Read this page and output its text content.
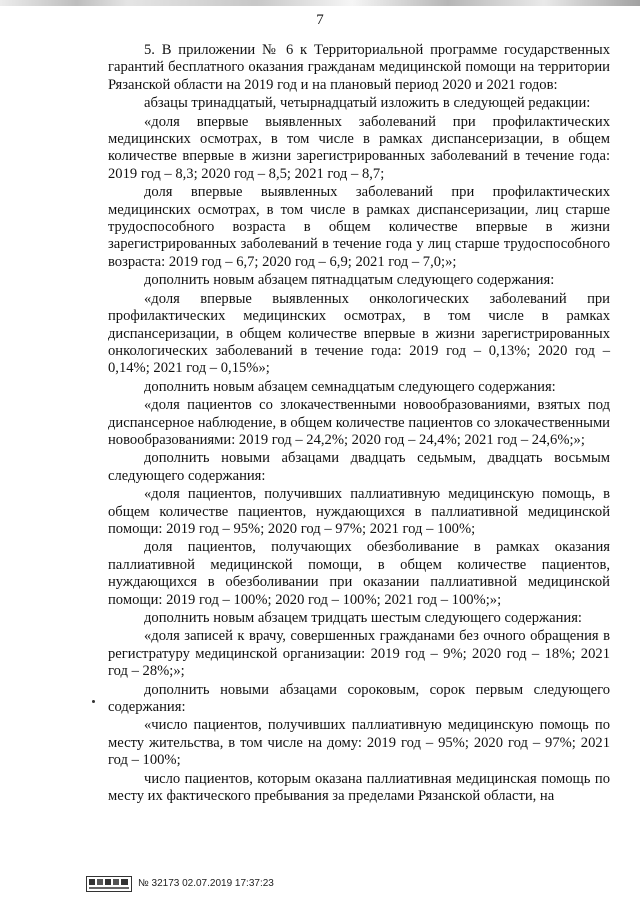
7

5. В приложении № 6 к Территориальной программе государственных гарантий бесплатного оказания гражданам медицинской помощи на территории Рязанской области на 2019 год и на плановый период 2020 и 2021 годов:

абзацы тринадцатый, четырнадцатый изложить в следующей редакции:

«доля впервые выявленных заболеваний при профилактических медицинских осмотрах, в том числе в рамках диспансеризации, в общем количестве впервые в жизни зарегистрированных заболеваний в течение года: 2019 год – 8,3; 2020 год – 8,5; 2021 год – 8,7;

доля впервые выявленных заболеваний при профилактических медицинских осмотрах, в том числе в рамках диспансеризации, лиц старше трудоспособного возраста в общем количестве впервые в жизни зарегистрированных заболеваний в течение года у лиц старше трудоспособного возраста: 2019 год – 6,7; 2020 год – 6,9; 2021 год – 7,0;»;

дополнить новым абзацем пятнадцатым следующего содержания:

«доля впервые выявленных онкологических заболеваний при профилактических медицинских осмотрах, в том числе в рамках диспансеризации, в общем количестве впервые в жизни зарегистрированных онкологических заболеваний в течение года: 2019 год – 0,13%; 2020 год – 0,14%; 2021 год – 0,15%»;

дополнить новым абзацем семнадцатым следующего содержания:

«доля пациентов со злокачественными новообразованиями, взятых под диспансерное наблюдение, в общем количестве пациентов со злокачественными новообразованиями: 2019 год – 24,2%; 2020 год – 24,4%; 2021 год – 24,6%;»;

дополнить новыми абзацами двадцать седьмым, двадцать восьмым следующего содержания:

«доля пациентов, получивших паллиативную медицинскую помощь, в общем количестве пациентов, нуждающихся в паллиативной медицинской помощи: 2019 год – 95%; 2020 год – 97%; 2021 год – 100%;

доля пациентов, получающих обезболивание в рамках оказания паллиативной медицинской помощи, в общем количестве пациентов, нуждающихся в обезболивании при оказании паллиативной медицинской помощи: 2019 год – 100%; 2020 год – 100%; 2021 год – 100%;»;

дополнить новым абзацем тридцать шестым следующего содержания:

«доля записей к врачу, совершенных гражданами без очного обращения в регистратуру медицинской организации: 2019 год – 9%; 2020 год – 18%; 2021 год – 28%;»;

дополнить новыми абзацами сороковым, сорок первым следующего содержания:

«число пациентов, получивших паллиативную медицинскую помощь по месту жительства, в том числе на дому: 2019 год – 95%; 2020 год – 97%; 2021 год – 100%;

число пациентов, которым оказана паллиативная медицинская помощь по месту их фактического пребывания за пределами Рязанской области, на

№ 32173 02.07.2019 17:37:23
